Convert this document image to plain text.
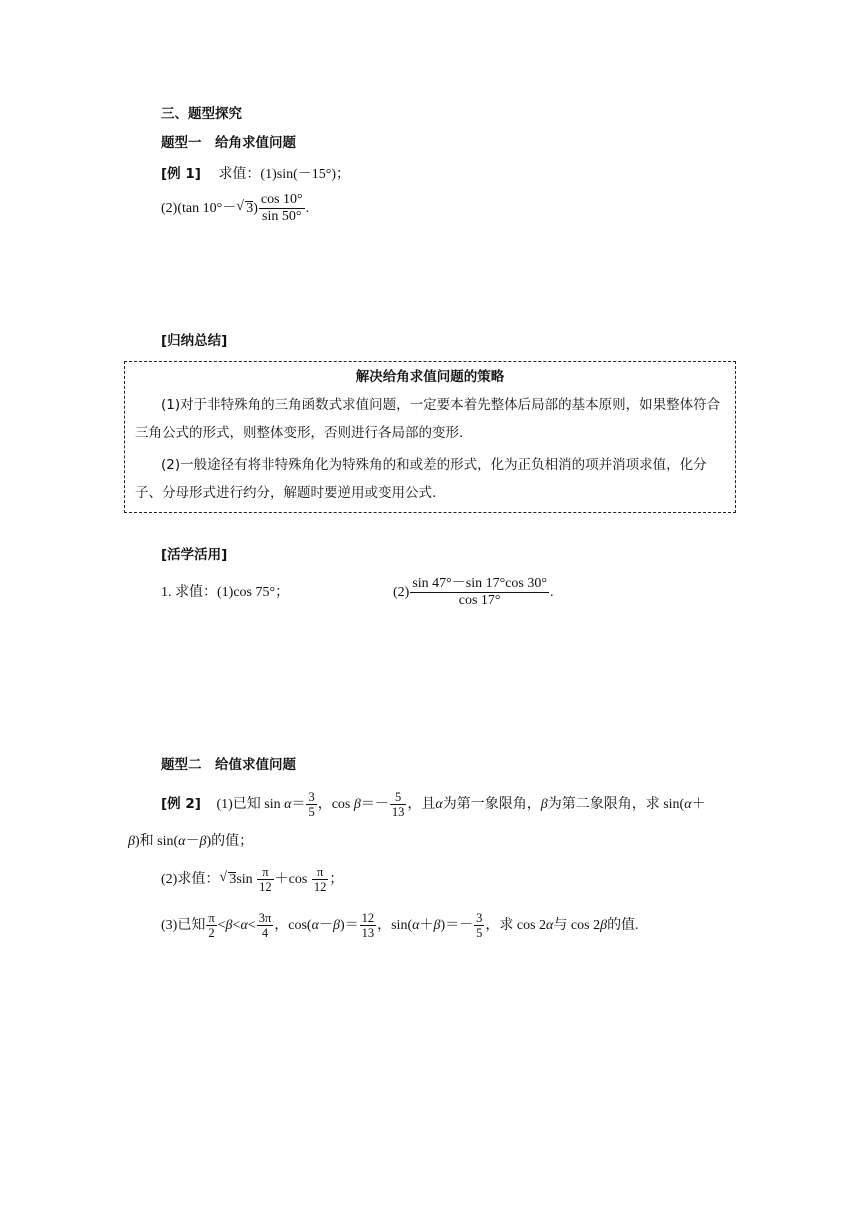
三、题型探究
题型一　给角求值问题
[例 1] 求值：(1)sin(－15°)；
(2)(tan 10°－ √ $3) \frac{\cos 10^\circ}{\sin 50^\circ}$ .
[归纳总结]
解决给角求值问题的策略
(1)对于非特殊角的三角函数式求值问题，一定要本着先整体后局部的基本原则，如果整体符合三角公式的形式，则整体变形，否则进行各局部的变形.
(2)一般途径有将非特殊角化为特殊角的和或差的形式，化为正负相消的项并消项求值，化分子、分母形式进行约分，解题时要逆用或变用公式.
[活学活用]
1. 求值：(1)cos 75°；	$(2) \frac{\sin 47^\circ-\sin 17^\circ\cos 30^\circ}{\cos 17^\circ}$ .
题型二　给值求值问题
[例 2] (1)已知 $\sin \alpha= \frac{3}{5}$ ，$\cos \beta=- \frac{5}{13}$ ，且α为第一象限角，β为第二象限角，求 sin(α＋
β)和 sin(α－β)的值；
(2)求值： √ $3\sin \frac{\pi}{12} +\cos \frac{\pi}{12}$ ；
(3)已知 $\frac{\pi}{2} <\beta<\alpha< \frac{3\pi}{4}$ ，$\cos(\alpha-\beta)= \frac{12}{13}$ ，$\sin(\alpha+\beta)=- \frac{3}{5}$ ，求 cos 2α与 cos 2β的值.
